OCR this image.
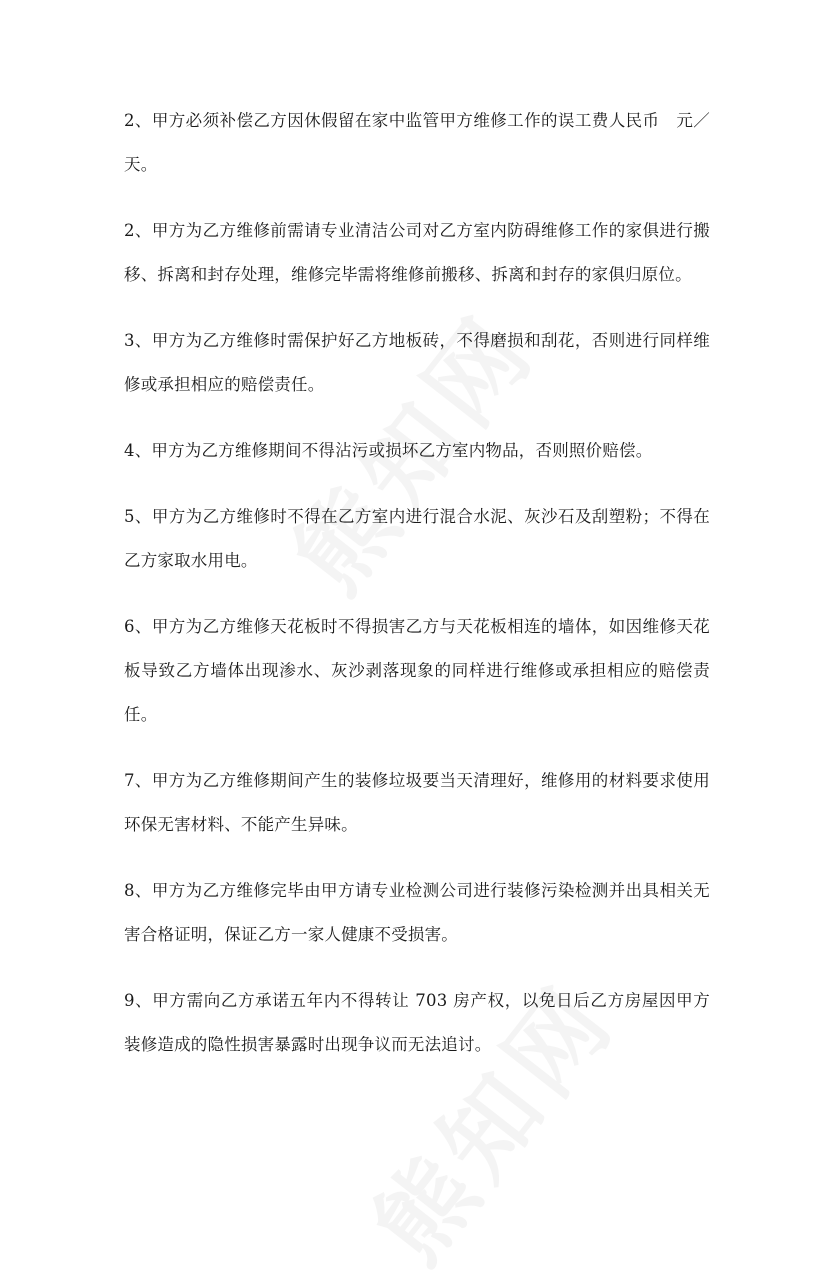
2、甲方必须补偿乙方因休假留在家中监管甲方维修工作的误工费人民币　元／天。

2、甲方为乙方维修前需请专业清洁公司对乙方室内防碍维修工作的家俱进行搬移、拆离和封存处理，维修完毕需将维修前搬移、拆离和封存的家俱归原位。

3、甲方为乙方维修时需保护好乙方地板砖，不得磨损和刮花，否则进行同样维修或承担相应的赔偿责任。

4、甲方为乙方维修期间不得沾污或损坏乙方室内物品，否则照价赔偿。

5、甲方为乙方维修时不得在乙方室内进行混合水泥、灰沙石及刮塑粉；不得在乙方家取水用电。

6、甲方为乙方维修天花板时不得损害乙方与天花板相连的墙体，如因维修天花板导致乙方墙体出现渗水、灰沙剥落现象的同样进行维修或承担相应的赔偿责任。

7、甲方为乙方维修期间产生的装修垃圾要当天清理好，维修用的材料要求使用环保无害材料、不能产生异味。

8、甲方为乙方维修完毕由甲方请专业检测公司进行装修污染检测并出具相关无害合格证明，保证乙方一家人健康不受损害。

9、甲方需向乙方承诺五年内不得转让 703 房产权，以免日后乙方房屋因甲方装修造成的隐性损害暴露时出现争议而无法追讨。
